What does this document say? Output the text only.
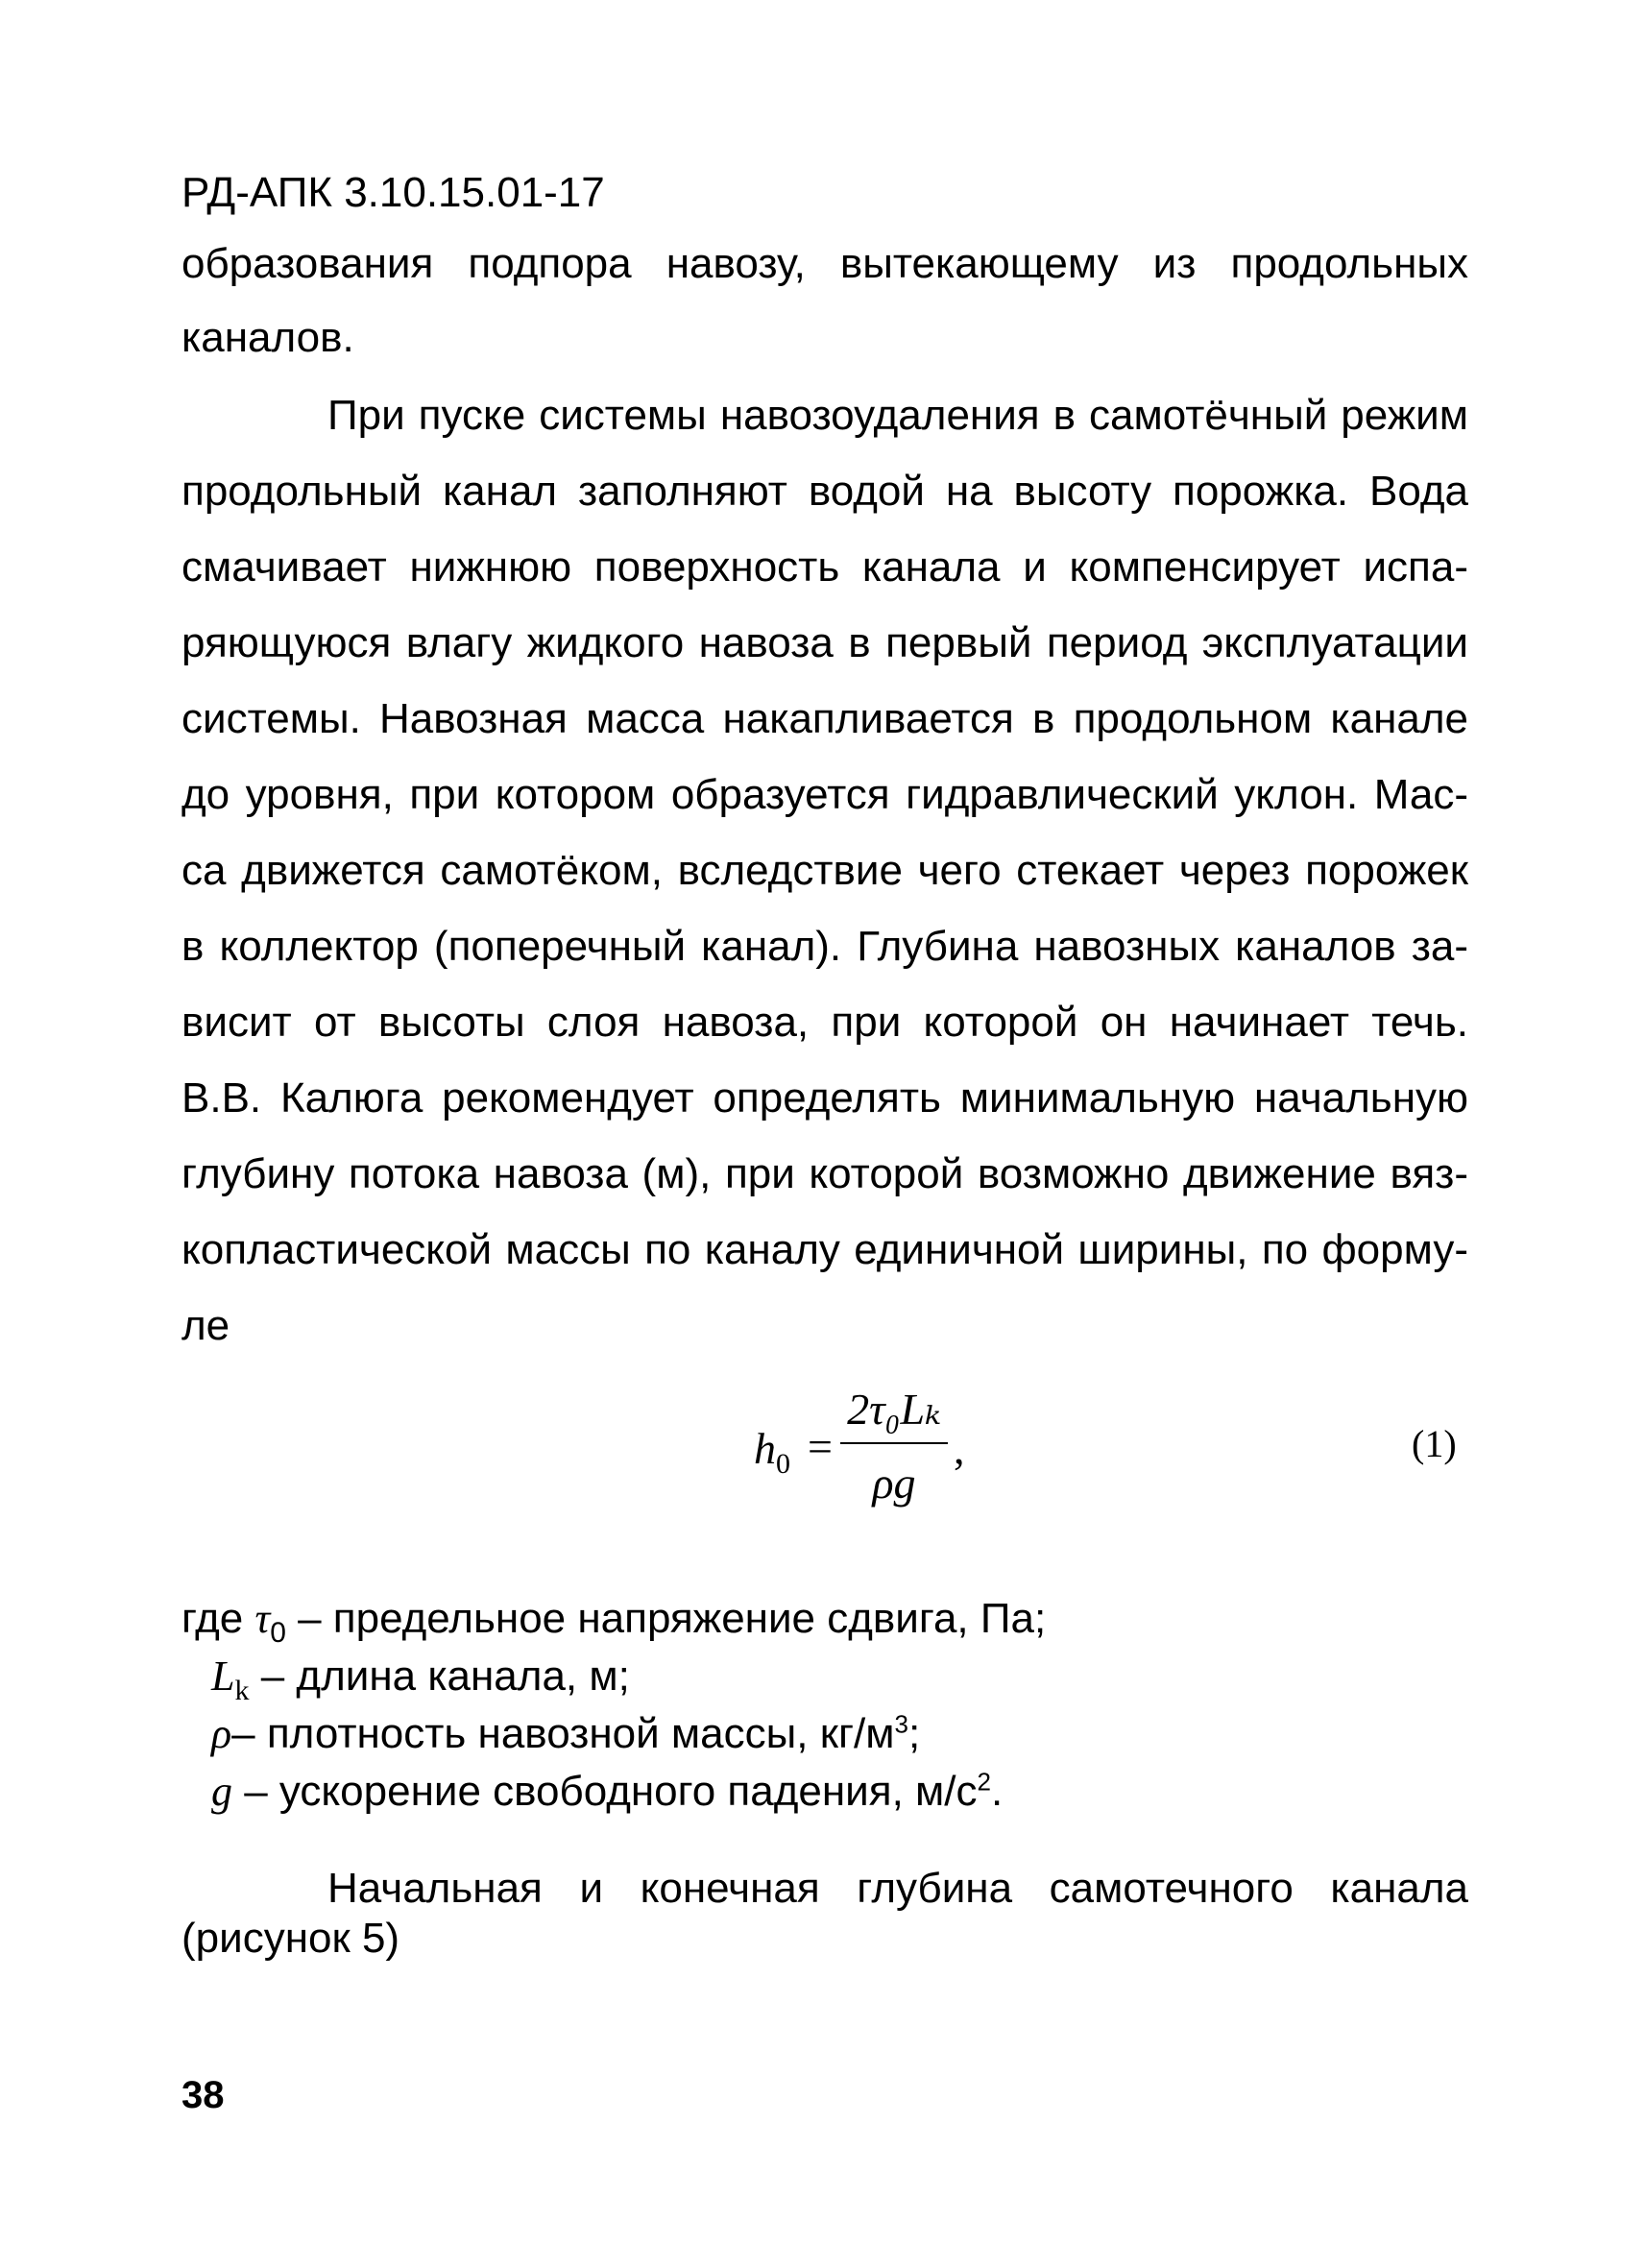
РД-АПК 3.10.15.01-17
образования подпора навозу, вытекающему из продольных
каналов.
При пуске системы навозоудаления в самотёчный режим
продольный канал заполняют водой на высоту порожка. Вода
смачивает нижнюю поверхность канала и компенсирует испа-
ряющуюся влагу жидкого навоза в первый период эксплуатации
системы. Навозная масса накапливается в продольном канале
до уровня, при котором образуется гидравлический уклон. Мас-
са движется самотёком, вследствие чего стекает через порожек
в коллектор (поперечный канал). Глубина навозных каналов за-
висит от высоты слоя навоза, при которой он начинает течь.
В.В. Калюга рекомендует определять минимальную начальную
глубину потока навоза (м), при которой возможно движение вяз-
копластической массы по каналу единичной ширины, по форму-
ле
$h_0$ =
2τ₀Lₖ
ρg
,	(1)
где $\tau_0$ – предельное напряжение сдвига, Па;
$L_k$ – длина канала, м;
ρ– плотность навозной массы, $кг/м^3$;
g – ускорение свободного падения, $м/с^2$.
Начальная и конечная глубина самотечного канала
(рисунок 5)
38
